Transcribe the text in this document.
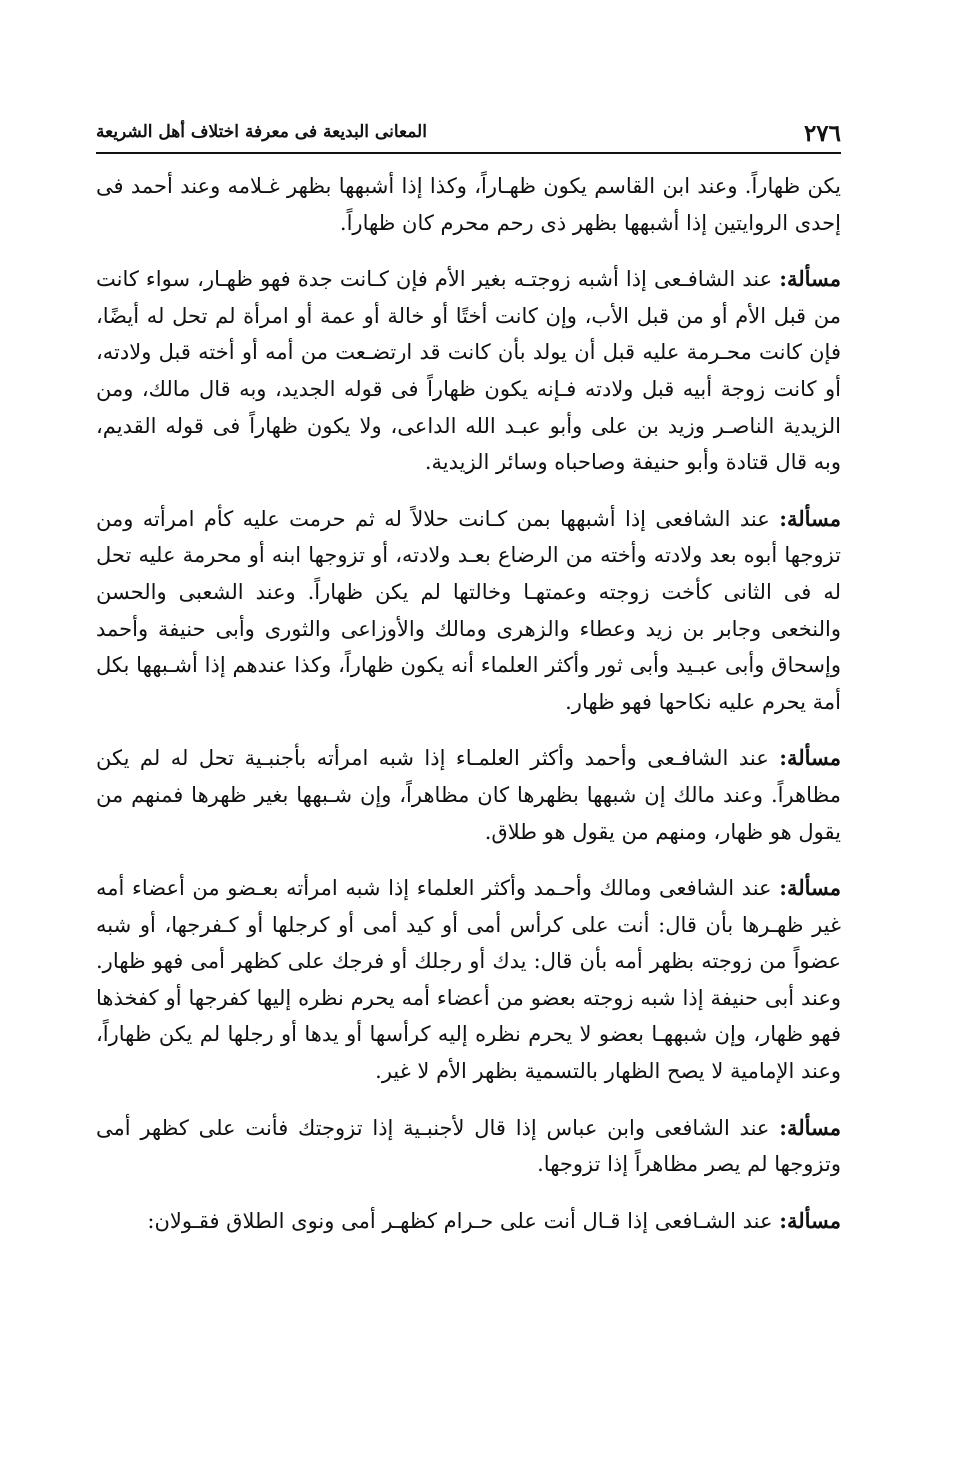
٢٧٦
المعانى البديعة فى معرفة اختلاف أهل الشريعة

يكن ظهاراً. وعند ابن القاسم يكون ظهـاراً، وكذا إذا أشبهها بظهر غـلامه وعند أحمد فى إحدى الروايتين إذا أشبهها بظهر ذى رحم محرم كان ظهاراً.

مسألة: عند الشافـعى إذا أشبه زوجتـه بغير الأم فإن كـانت جدة فهو ظهـار، سواء كانت من قبل الأم أو من قبل الأب، وإن كانت أختًا أو خالة أو عمة أو امرأة لم تحل له أيضًا، فإن كانت محـرمة عليه قبل أن يولد بأن كانت قد ارتضـعت من أمه أو أخته قبل ولادته، أو كانت زوجة أبيه قبل ولادته فـإنه يكون ظهاراً فى قوله الجديد، وبه قال مالك، ومن الزيدية الناصـر وزيد بن على وأبو عبـد الله الداعى، ولا يكون ظهاراً فى قوله القديم، وبه قال قتادة وأبو حنيفة وصاحباه وسائر الزيدية.

مسألة: عند الشافعى إذا أشبهها بمن كـانت حلالاً له ثم حرمت عليه كأم امرأته ومن تزوجها أبوه بعد ولادته وأخته من الرضاع بعـد ولادته، أو تزوجها ابنه أو محرمة عليه تحل له فى الثانى كأخت زوجته وعمتهـا وخالتها لم يكن ظهاراً. وعند الشعبى والحسن والنخعى وجابر بن زيد وعطاء والزهرى ومالك والأوزاعى والثورى وأبى حنيفة وأحمد وإسحاق وأبى عبـيد وأبى ثور وأكثر العلماء أنه يكون ظهاراً، وكذا عندهم إذا أشـبهها بكل أمة يحرم عليه نكاحها فهو ظهار.

مسألة: عند الشافـعى وأحمد وأكثر العلمـاء إذا شبه امرأته بأجنبـية تحل له لم يكن مظاهراً. وعند مالك إن شبهها بظهرها كان مظاهراً، وإن شـبهها بغير ظهرها فمنهم من يقول هو ظهار، ومنهم من يقول هو طلاق.

مسألة: عند الشافعى ومالك وأحـمد وأكثر العلماء إذا شبه امرأته بعـضو من أعضاء أمه غير ظهـرها بأن قال: أنت على كرأس أمى أو كيد أمى أو كرجلها أو كـفرجها، أو شبه عضواً من زوجته بظهر أمه بأن قال: يدك أو رجلك أو فرجك على كظهر أمى فهو ظهار. وعند أبى حنيفة إذا شبه زوجته بعضو من أعضاء أمه يحرم نظره إليها كفرجها أو كفخذها فهو ظهار، وإن شبههـا بعضو لا يحرم نظره إليه كرأسها أو يدها أو رجلها لم يكن ظهاراً، وعند الإمامية لا يصح الظهار بالتسمية بظهر الأم لا غير.

مسألة: عند الشافعى وابن عباس إذا قال لأجنبـية إذا تزوجتك فأنت على كظهر أمى وتزوجها لم يصر مظاهراً إذا تزوجها.

مسألة: عند الشـافعى إذا قـال أنت على حـرام كظهـر أمى ونوى الطلاق فقـولان:
